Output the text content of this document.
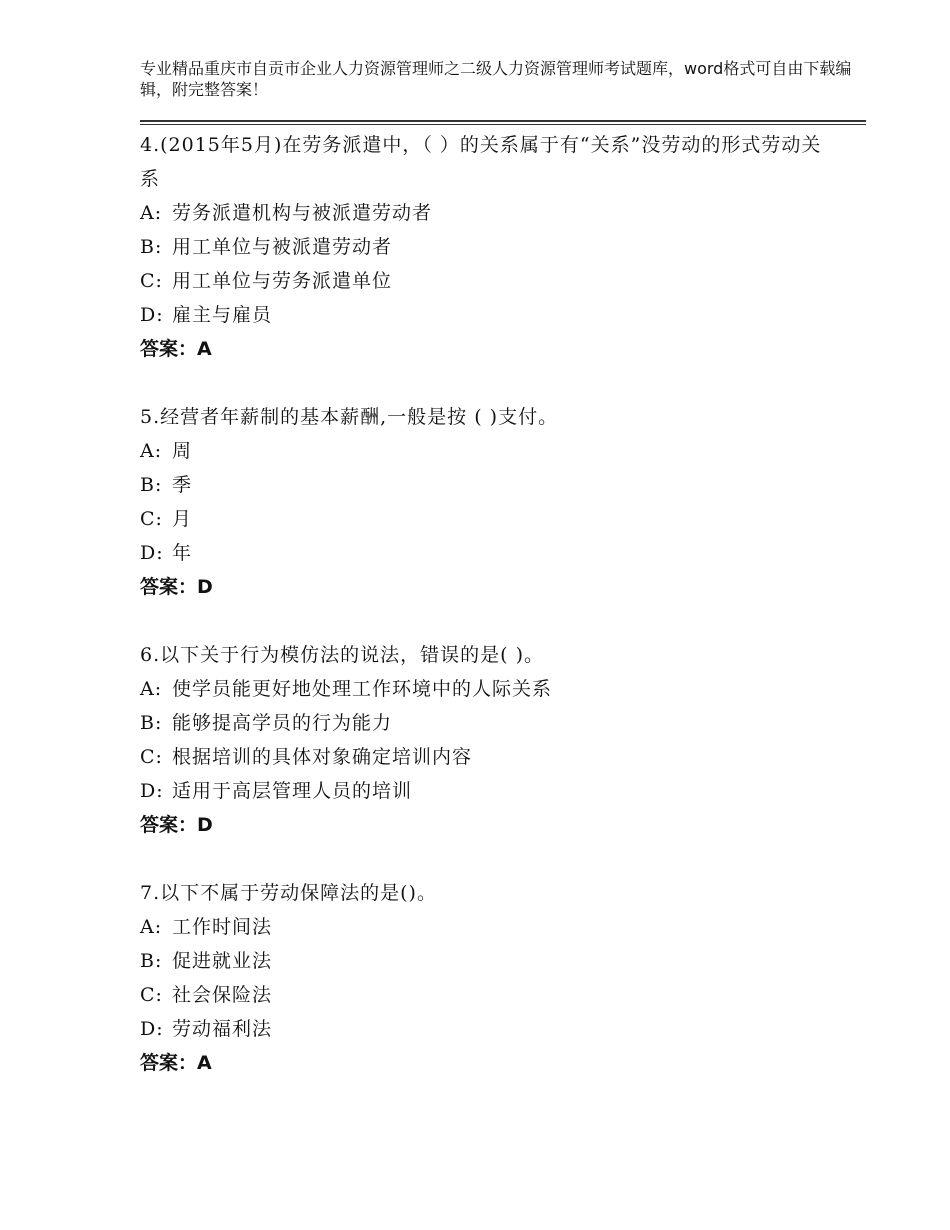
专业精品重庆市自贡市企业人力资源管理师之二级人力资源管理师考试题库，word格式可自由下载编辑，附完整答案！
4.(2015年5月)在劳务派遣中，（ ）的关系属于有“关系”没劳动的形式劳动关系
A: 劳务派遣机构与被派遣劳动者
B: 用工单位与被派遣劳动者
C: 用工单位与劳务派遣单位
D: 雇主与雇员
答案：A
5.经营者年薪制的基本薪酬,一般是按 ( )支付。
A: 周
B: 季
C: 月
D: 年
答案：D
6.以下关于行为模仿法的说法，错误的是( )。
A: 使学员能更好地处理工作环境中的人际关系
B: 能够提高学员的行为能力
C: 根据培训的具体对象确定培训内容
D: 适用于高层管理人员的培训
答案：D
7.以下不属于劳动保障法的是()。
A: 工作时间法
B: 促进就业法
C: 社会保险法
D: 劳动福利法
答案：A
